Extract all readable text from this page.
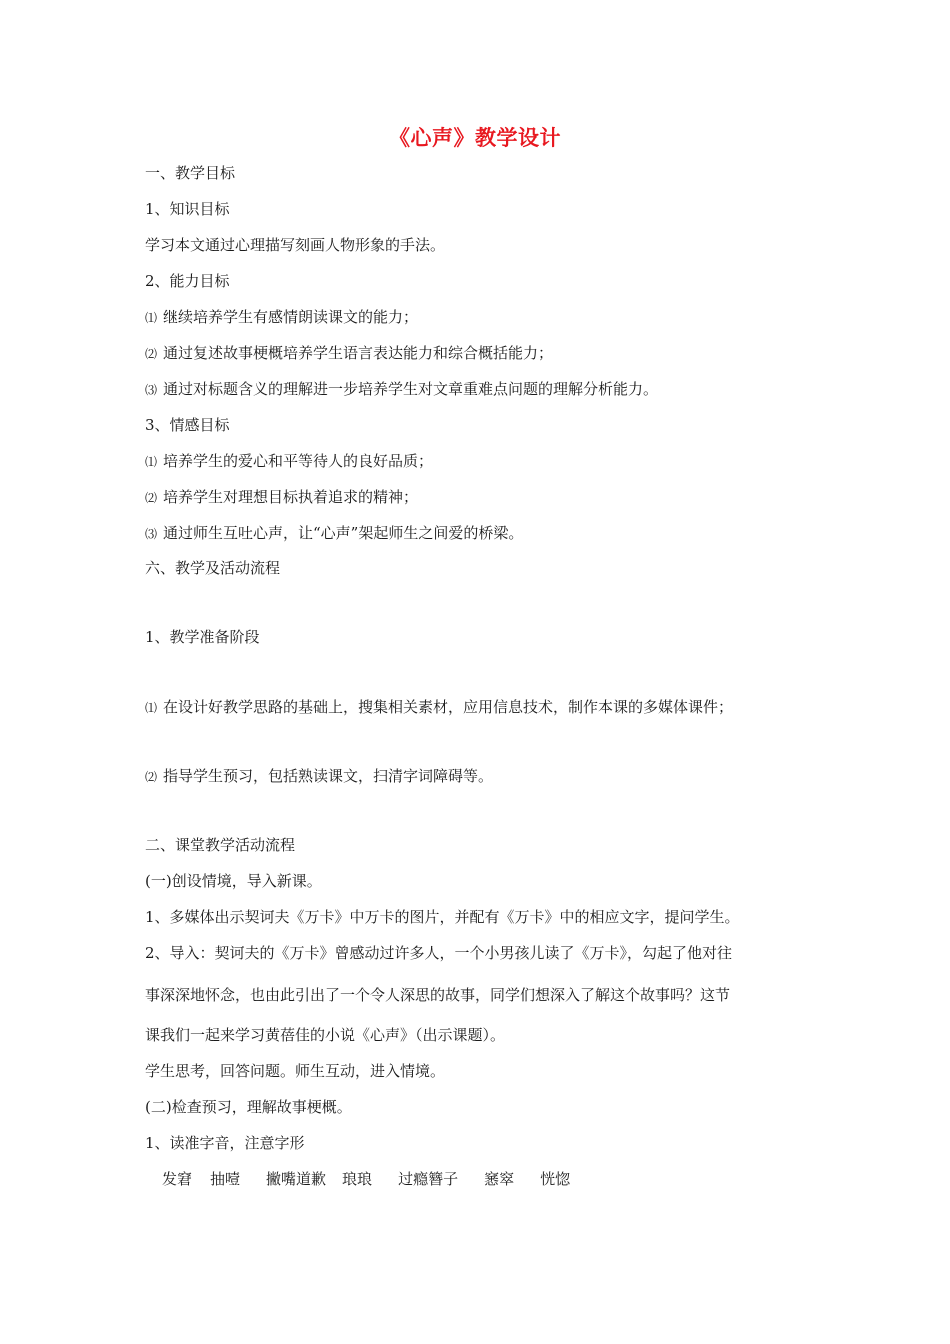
《心声》教学设计
一、教学目标
1、知识目标
学习本文通过心理描写刻画人物形象的手法。
2、能力目标
⑴ 继续培养学生有感情朗读课文的能力；
⑵ 通过复述故事梗概培养学生语言表达能力和综合概括能力；
⑶ 通过对标题含义的理解进一步培养学生对文章重难点问题的理解分析能力。
3、情感目标
⑴ 培养学生的爱心和平等待人的良好品质；
⑵ 培养学生对理想目标执着追求的精神；
⑶ 通过师生互吐心声，让“心声”架起师生之间爱的桥梁。
六、教学及活动流程
1、教学准备阶段
⑴ 在设计好教学思路的基础上，搜集相关素材，应用信息技术，制作本课的多媒体课件；
⑵ 指导学生预习，包括熟读课文，扫清字词障碍等。
二、课堂教学活动流程
(一)创设情境，导入新课。
1、多媒体出示契诃夫《万卡》中万卡的图片，并配有《万卡》中的相应文字，提问学生。
2、导入：契诃夫的《万卡》曾感动过许多人，一个小男孩儿读了《万卡》，勾起了他对往
事深深地怀念，也由此引出了一个令人深思的故事，同学们想深入了解这个故事吗？这节
课我们一起来学习黄蓓佳的小说《心声》（出示课题）。
学生思考，回答问题。师生互动，进入情境。
(二)检查预习，理解故事梗概。
1、读准字音，注意字形
发窘 抽噎 撇嘴道歉 琅琅 过瘾簪子 窸窣 恍惚
